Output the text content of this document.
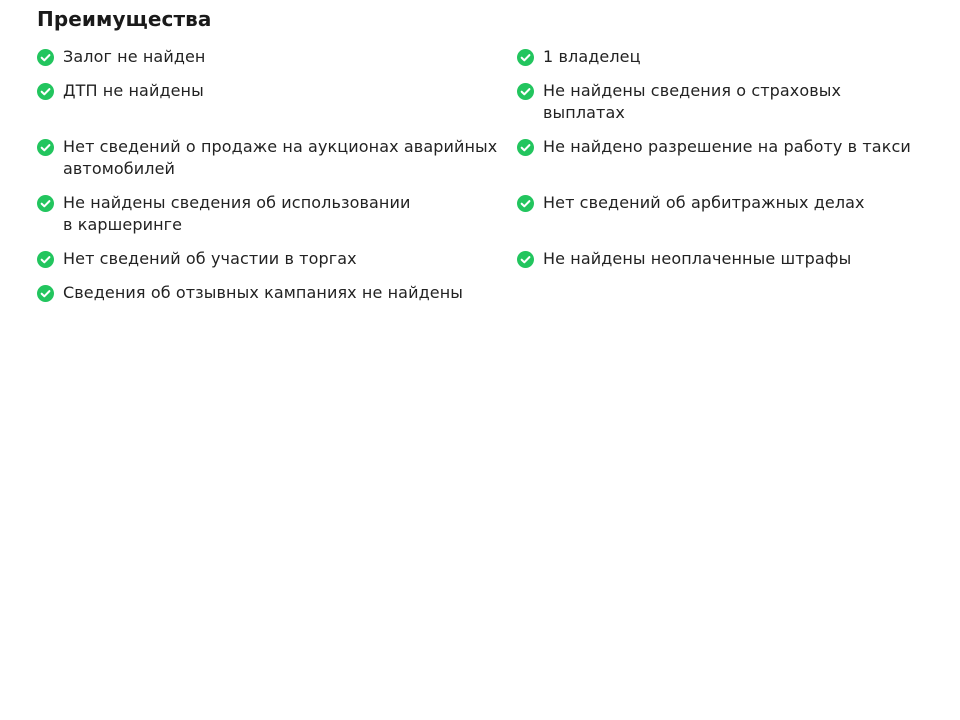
Преимущества
Залог не найден	1 владелец
ДТП не найдены	Не найдены сведения о страховых выплатах
Нет сведений о продаже на аукционах аварийных автомобилей
Не найдено разрешение на работу в такси
Не найдены сведения об использовании в каршеринге
Нет сведений об арбитражных делах
Нет сведений об участии в торгах	Не найдены неоплаченные штрафы
Сведения об отзывных кампаниях не найдены
